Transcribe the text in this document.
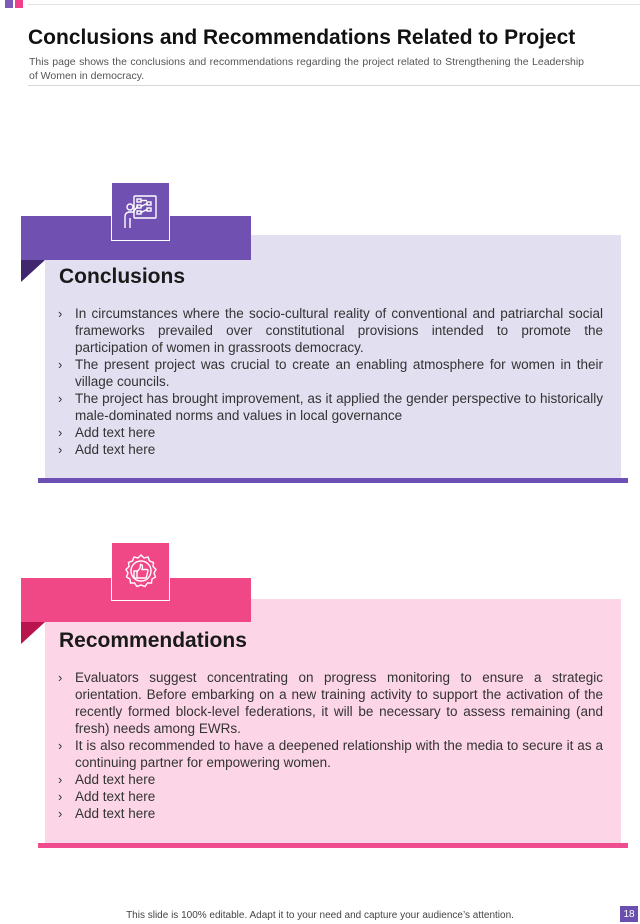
Conclusions and Recommendations Related to Project

This page shows the conclusions and recommendations regarding the project related to Strengthening the Leadership of Women in democracy.

Conclusions
› In circumstances where the socio-cultural reality of conventional and patriarchal social frameworks prevailed over constitutional provisions intended to promote the participation of women in grassroots democracy.
› The present project was crucial to create an enabling atmosphere for women in their village councils.
› The project has brought improvement, as it applied the gender perspective to historically male-dominated norms and values in local governance
› Add text here
› Add text here
Recommendations
› Evaluators suggest concentrating on progress monitoring to ensure a strategic orientation. Before embarking on a new training activity to support the activation of the recently formed block-level federations, it will be necessary to assess remaining (and fresh) needs among EWRs.
› It is also recommended to have a deepened relationship with the media to secure it as a continuing partner for empowering women.
› Add text here
› Add text here
› Add text here

This slide is 100% editable. Adapt it to your need and capture your audience’s attention.	18
